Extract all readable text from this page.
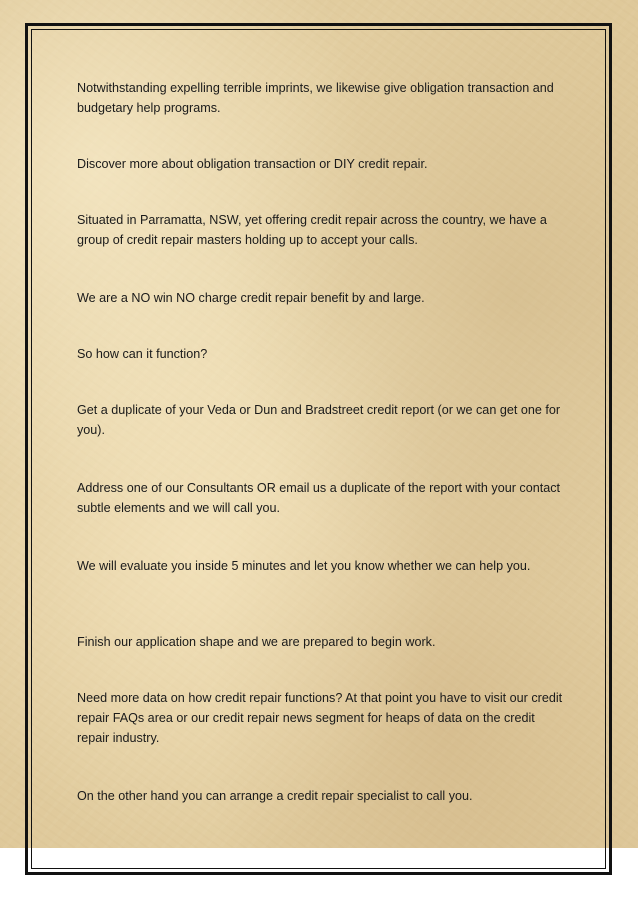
Notwithstanding expelling terrible imprints, we likewise give obligation transaction and budgetary help programs.

Discover more about obligation transaction or DIY credit repair.

Situated in Parramatta, NSW, yet offering credit repair across the country, we have a group of credit repair masters holding up to accept your calls.

We are a NO win NO charge credit repair benefit by and large.

So how can it function?

Get a duplicate of your Veda or Dun and Bradstreet credit report (or we can get one for you).

Address one of our Consultants OR email us a duplicate of the report with your contact subtle elements and we will call you.

We will evaluate you inside 5 minutes and let you know whether we can help you.

Finish our application shape and we are prepared to begin work.

Need more data on how credit repair functions? At that point you have to visit our credit repair FAQs area or our credit repair news segment for heaps of data on the credit repair industry.

On the other hand you can arrange a credit repair specialist to call you.
